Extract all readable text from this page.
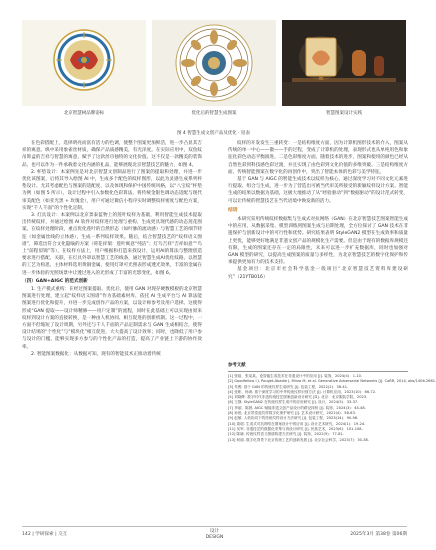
北京智慧树品牌姿标	优化后的智慧生成图案	智慧图案设计实践
图 4 智慧生成文创产品及优化 · 铅表

在色彩搭配上，选择明亮而富有活力的色调，使整个图案更加鲜活，进一步凸显其吉祥的寓意。纵中采用象雀丝材质，确保产品质感精美，有光泽度。在实际应用中，双鱼纹吊饰盒的吉祥与智慧的寓意，赋予了这款丝巾独特的文化价值。这不仅是一款精美的装饰品，也可以作为一件承载着文化内涵的礼品，能够展现北京智慧技艺的魅力，如图 4。

2. 杯垫设计：本案例先是对北京智慧文创制品进行了图案的提取和处理，并进一步优化该图案，后将其导入绘图 AI 中，生成多个配色的纹样图形，以此为灵感生成系列杯垫设计。尤其考虑配色与图案的适配度，以及体现和保护中国传统风格，以“八宝纹”杯垫为例（如图 5 所示），设计过程中引入参数化色彩算法，将传统金银色调动态适配与现代审美配色（如亚光黑 + 玫瑰金），用户可通过微信小程序实时调整纹样密度与配色方案，实现“千人千面”的个性化定制。

3. 灯具设计：本案例以北京景泰蓝物上的莲叶纹样为基础，利用智能生成技术提取出传统纹样，并通过绘图 AI 软件对纹样进行处理与重构，生成更具现代感的动态莲花图案。在纹样处理阶段，重点优化莲叶的自然形态（如叶脉的流动感）与智慧工艺的细节特征（如金属丝线的立体感），生成一系列纹样效果。随后，结合智慧技艺的“纹样语义图谱”，筛选出符合文化隐喻的方案（荷花祥瑞：莲叶寓意“纯洁”；灯鸟吉祥“吉祥如意”“鸟上“前程似锦”等），在纹样方法上，用户根据和打造来找设计，运用AI的算法与整理创造要求进行搭配、关联，在灯具外罩以智慧工艺的线条，通过智慧生成AI优化纹路，以智慧的工艺为构思，主体材料选用黄铜金属，使用灯罩可光照表形成透光效果，丰富的金属在进一步体验的光照场景中让透过进入的光形成了丰富的光影变化，如图 6。

（四）GAN+AIGC 的范式创新

1. 生产模式重构：在经过图案提取、优化后，使用 GAN 对现存硬数模板的北京智慧图案进行处理，建立起“纹样语义图谱”作为基础素材库，依托 AI 生成平台与 AI 算法能图案进行优化和提升，并进一步完成创作产品的方案，以设计师参考及用户选择。这使得形成“GAN 提取——设计师精修——用户定制”的流程，同时在此基础上可以实现由原来纹样到设计方案的直接转换，是一种由人机协同、相互促进的创新机制。这一过程中，一方面不但缩短了设计周期，另外还与千人千面的产品定制需求与 GAN 生成相结合，使得设计结果的“个性化”与“模块化”相互促进，大大提高了设计效率；同时，也降低了用户参与设计的门槛，能够实现多方参与的个性化产品的打造，提高了产业链上下游的协作效率。

2. 智能图案数据化：从数据可知，现有的智能技术正推动着传统

纹样的开发发生三重转变：一是结构维度方面，因为计算机图形技术的介入，图案从传统的单一中心——散——手的过程，变成了计算机的处理，表现形式也从单纯用色和象征化彩色动态平衡演进。二是色彩维度方面，随着技术的进步，图案和使用的颜色已经从自然色彩到科技感色彩过渡，并且实现了由色彩到文化价值的多维突破。三是结构维度方面，传统智能图案在数字化的再创作中，突出了智能本体的色彩与美学特征。

基于 GAN 与 AIGC 的智能生成技术以纹样为核心，通过深度学习对不同文化元素进行提取、组合与生成，进一步为了营造出可被当代审美所接受的新颖纹样设计方案。智能生成的结果以数据为基础，这极大地推动了从“经验驱动”到“数据驱动”的设计范式转变，可以让传统的智慧技艺在当代语境中焕发新的活力。

结语

本研究采用传统纹样数据集与生成式对抗网络（GAN）在北京智慧技艺图案智能生成中的应用，从数据采集、模型训练到图案生成与后期处理，全方位探讨了 GAN 技术在非遗保护与创新设计中的可行性和优势。研究结果表明 StyleGAN2 模型在生成效率和质量上更优，能够更好地满足非遗文创产品的规模化生产需要。但是由于现有的数据库规模还有限，生成的图案还存在一定的局限性，未来可以进一步扩充数据库，同时也加强对 GAN 模型的研究，以提高生成图案的质量与多样性，为北京智慧技艺的数字化保护和传承提供更加有力的技术支持。

基金项目：北京市社会科学基金一般项目“北京智慧技艺资料库建设研究”（21YTB016）

参考文献
[1] 张晗、张某某，论智能生成技术在非遗设计中的应用 [J]. 装饰，2024(4)：1-10.
[2] Goodfellow I J, Pouget-Abadie J, Mirza M, et al. Generative Adversarial Networks [J]. CoRR, 2014, abs/1406.2661.
[3] 朱俊. 基于 GAN 的传统纹样生成研究 [J]. 包装工程，2022(2)：36-41.
[4] 张彬、杨涛. 基于深度学习的中华传统纹样识别方法 [J]. 计算机应用，2023(10)：66-72.
[5] 刘晓辉. 数字时代非遗传统技艺图案创新设计研究 [D]. 北京：北京服装学院，2023.
[6] 王静. StyleGAN2 在传统纹样生成中的应用研究 [J]. 设计，2024(5)：33-37.
[7] 李丽、陈晨. AIGC 赋能非遗文创产品设计的路径探析 [J]. 装饰，2024(3)：44-48.
[8] 孙悦. 北京景泰蓝纹样数字化保护研究 [J]. 艺术设计研究，2022(4)：58-63.
[9] 赵敏. 人机协同下的传统纹样设计方法研究 [J]. 包装工程，2023(14)：90-96.
[10] 周明. 生成式对抗网络在图案设计中的应用 [J]. 设计艺术研究，2024(1)：19-24.
[11] 吴军. 非遗技艺的数据化采集与再设计研究 [J]. 民族艺术，2023(6)：101-108.
[12] 陈晓. 传统纹样语义图谱构建方法研究 [J]. 装饰，2022(9)：77-81.
[13] 何丽. 数字化背景下北京传统工艺的创新发展 [J]. 北京社会科学，2023(7)：30-38.
142 | 学研探索 | 交互
设计
DESIGN	2025年3月 第38卷 第06期
